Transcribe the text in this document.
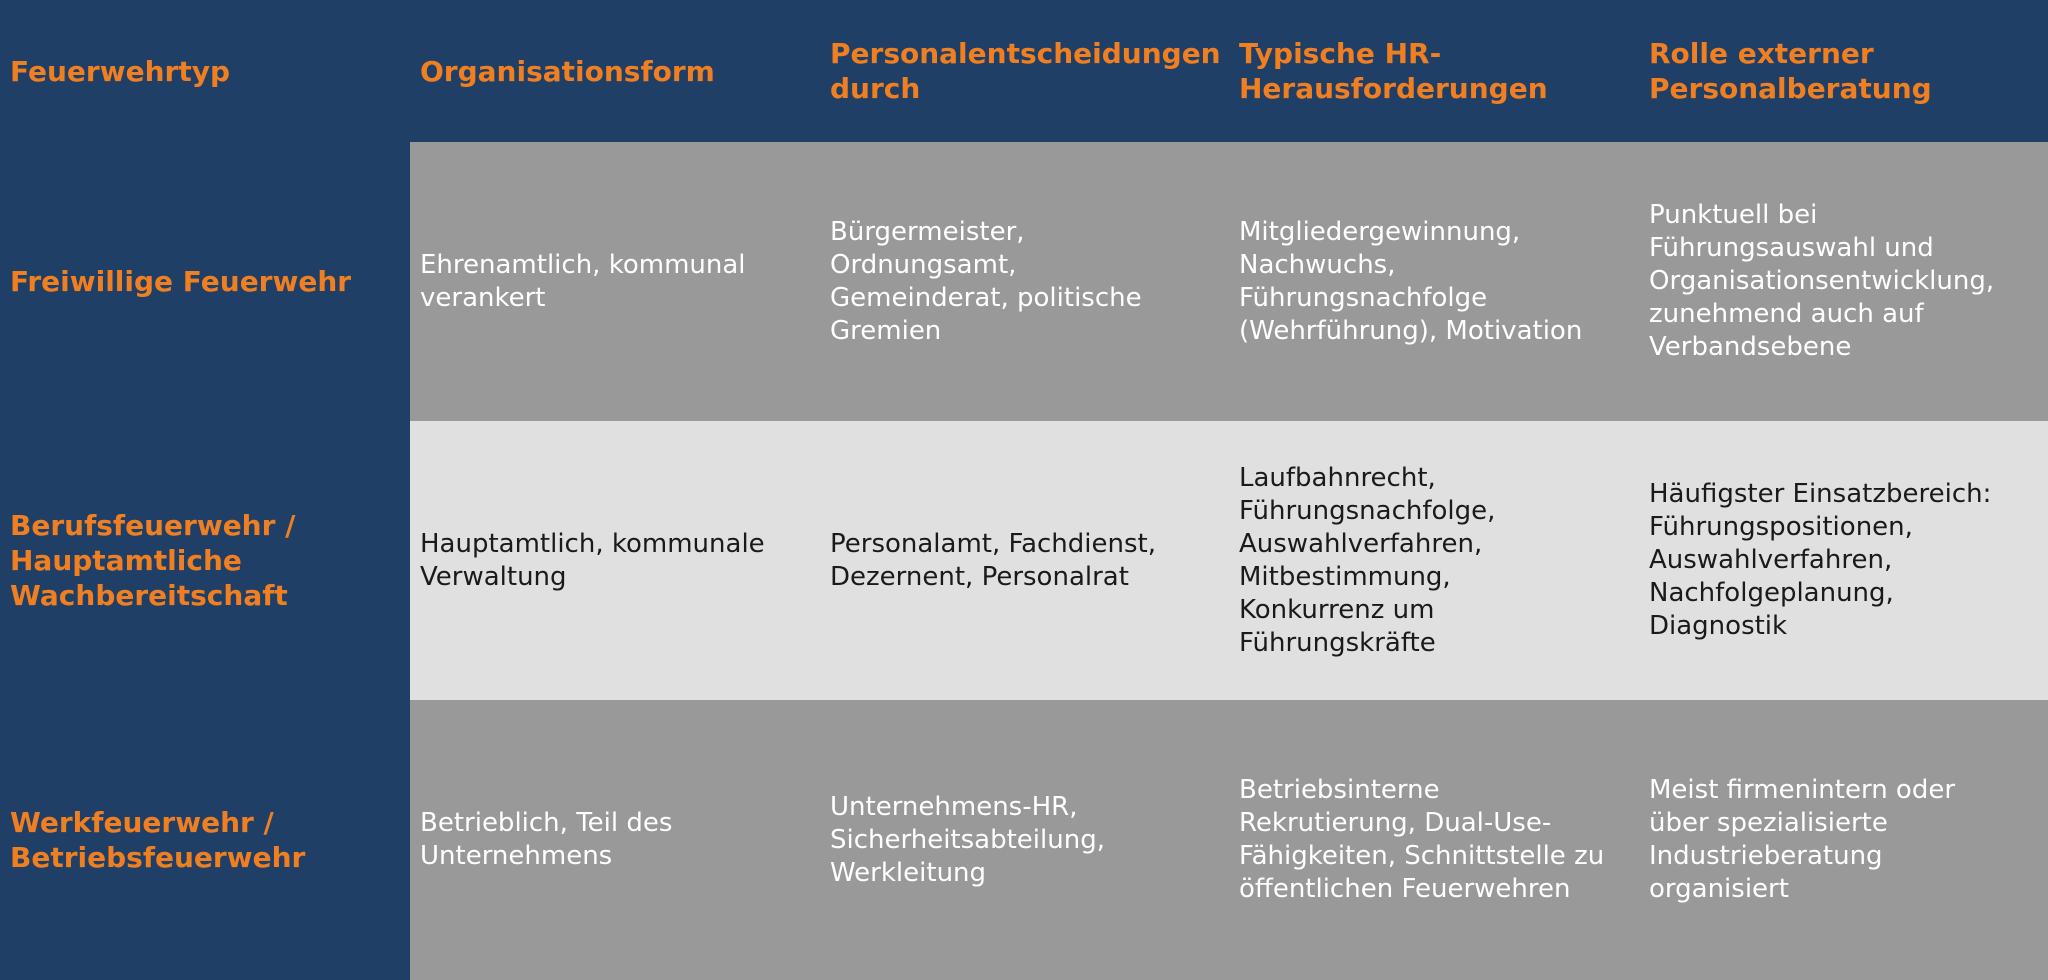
Feuerwehrtyp	Organisationsform
Personalentscheidungen
durch
Typische HR-
Herausforderungen
Rolle externer
Personalberatung
Freiwillige Feuerwehr
Ehrenamtlich, kommunal
verankert
Bürgermeister,
Ordnungsamt,
Gemeinderat, politische
Gremien
Mitgliedergewinnung,
Nachwuchs,
Führungsnachfolge
(Wehrführung), Motivation
Punktuell bei
Führungsauswahl und
Organisationsentwicklung,
zunehmend auch auf
Verbandsebene
Berufsfeuerwehr /
Hauptamtliche
Wachbereitschaft
Hauptamtlich, kommunale
Verwaltung
Personalamt, Fachdienst,
Dezernent, Personalrat
Laufbahnrecht,
Führungsnachfolge,
Auswahlverfahren,
Mitbestimmung,
Konkurrenz um
Führungskräfte
Häufigster Einsatzbereich:
Führungspositionen,
Auswahlverfahren,
Nachfolgeplanung,
Diagnostik
Werkfeuerwehr /
Betriebsfeuerwehr
Betrieblich, Teil des
Unternehmens
Unternehmens-HR,
Sicherheitsabteilung,
Werkleitung
Betriebsinterne
Rekrutierung, Dual-Use-
Fähigkeiten, Schnittstelle zu
öffentlichen Feuerwehren
Meist firmenintern oder
über spezialisierte
Industrieberatung
organisiert
